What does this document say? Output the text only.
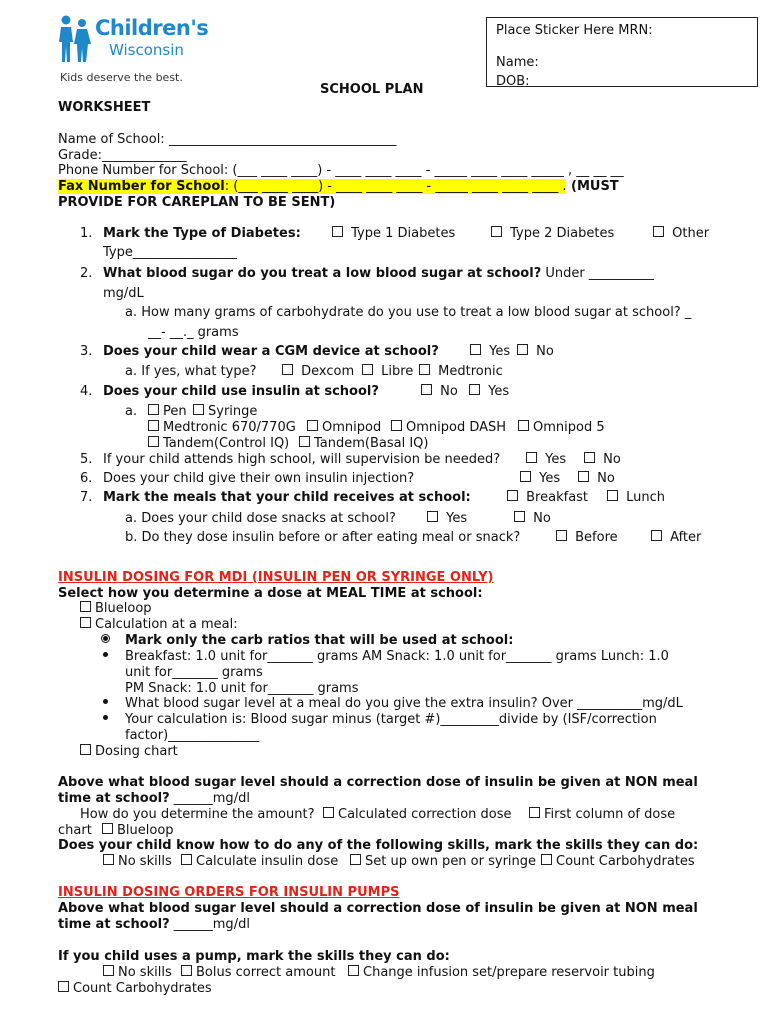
Children's
Wisconsin
Kids deserve the best.
Place Sticker Here MRN:
Name:
DOB:
SCHOOL PLAN
WORKSHEET
Name of School: ___________________________________
Grade:_____________
Phone Number for School: (___ ____ ____) - ____ ____ ____ - _____ ____ ____ _____ , __ __ __
Fax Number for School: (___ ____ ____) - ____ ____ ____ - _____ ____ ____ ____ . (MUST
PROVIDE FOR CAREPLAN TO BE SENT)
1. Mark the Type of Diabetes:	Type 1 Diabetes	Type 2 Diabetes	Other
Type________________
2. What blood sugar do you treat a low blood sugar at school? Under __________
mg/dL
a. How many grams of carbohydrate do you use to treat a low blood sugar at school? _
__- __._ grams
3. Does your child wear a CGM device at school?	Yes	No
a. If yes, what type?	Dexcom	Libre	Medtronic
4. Does your child use insulin at school?	No	Yes
a.	Pen	Syringe
Medtronic 670/770G	Omnipod	Omnipod DASH	Omnipod 5
Tandem(Control IQ)	Tandem(Basal IQ)
5. If your child attends high school, will supervision be needed?	Yes	No
6. Does your child give their own insulin injection?	Yes	No
7. Mark the meals that your child receives at school:	Breakfast	Lunch
a. Does your child dose snacks at school?	Yes	No
b. Do they dose insulin before or after eating meal or snack?	Before	After
INSULIN DOSING FOR MDI (INSULIN PEN OR SYRINGE ONLY)
Select how you determine a dose at MEAL TIME at school:
Blueloop
Calculation at a meal:
Mark only the carb ratios that will be used at school:
Breakfast: 1.0 unit for_______ grams AM Snack: 1.0 unit for_______ grams Lunch: 1.0
unit for_______ grams
PM Snack: 1.0 unit for_______ grams
What blood sugar level at a meal do you give the extra insulin? Over __________mg/dL
Your calculation is: Blood sugar minus (target #)_________divide by (ISF/correction
factor)______________
Dosing chart
Above what blood sugar level should a correction dose of insulin be given at NON meal
time at school? ______mg/dl
How do you determine the amount?	Calculated correction dose	First column of dose
chart	Blueloop
Does your child know how to do any of the following skills, mark the skills they can do:
No skills	Calculate insulin dose	Set up own pen or syringe	Count Carbohydrates
INSULIN DOSING ORDERS FOR INSULIN PUMPS
Above what blood sugar level should a correction dose of insulin be given at NON meal
time at school? ______mg/dl
If you child uses a pump, mark the skills they can do:
No skills	Bolus correct amount	Change infusion set/prepare reservoir tubing
Count Carbohydrates
